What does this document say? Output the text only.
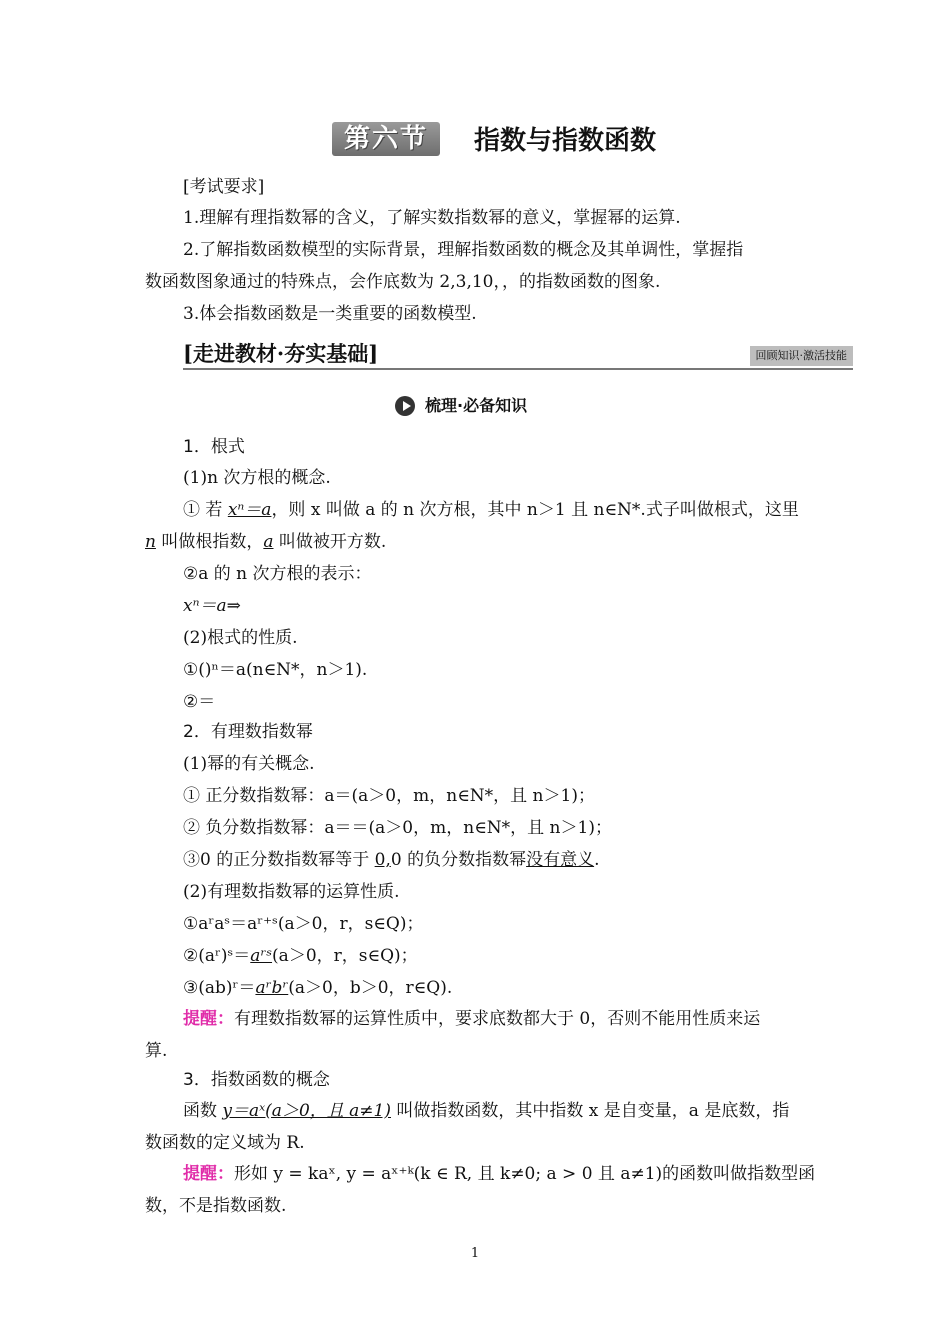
第六节	指数与指数函数
[考试要求]
1.理解有理指数幂的含义，了解实数指数幂的意义，掌握幂的运算.
2.了解指数函数模型的实际背景，理解指数函数的概念及其单调性，掌握指
数函数图象通过的特殊点，会作底数为 2,3,10，，的指数函数的图象.
3.体会指数函数是一类重要的函数模型.
[走进教材·夯实基础]	回顾知识·激活技能
梳理·必备知识
1．根式
(1)n 次方根的概念.
① 若 xⁿ＝a，则 x 叫做 a 的 n 次方根，其中 n＞1 且 n∈N*.式子叫做根式，这里
n 叫做根指数，a 叫做被开方数.
②a 的 n 次方根的表示：
xⁿ＝a⇒
(2)根式的性质.
①()ⁿ＝a(n∈N*，n＞1).
②＝
2．有理数指数幂
(1)幂的有关概念.
① 正分数指数幂：a＝(a＞0，m，n∈N*，且 n＞1)；
② 负分数指数幂：a＝＝(a＞0，m，n∈N*，且 n＞1)；
③0 的正分数指数幂等于 0,0 的负分数指数幂没有意义.
(2)有理数指数幂的运算性质.
①aʳaˢ＝aʳ⁺ˢ(a＞0，r，s∈Q)；
②(aʳ)ˢ＝aʳˢ(a＞0，r，s∈Q)；
③(ab)ʳ＝aʳbʳ(a＞0，b＞0，r∈Q).
提醒：有理数指数幂的运算性质中，要求底数都大于 0，否则不能用性质来运
算.
3．指数函数的概念
函数 y＝aˣ(a＞0，且 a≠1) 叫做指数函数，其中指数 x 是自变量，a 是底数，指
数函数的定义域为 R.
提醒：形如 y = kaˣ, y = aˣ⁺ᵏ(k ∈ R, 且 k≠0; a > 0 且 a≠1)的函数叫做指数型函
数，不是指数函数.
1
